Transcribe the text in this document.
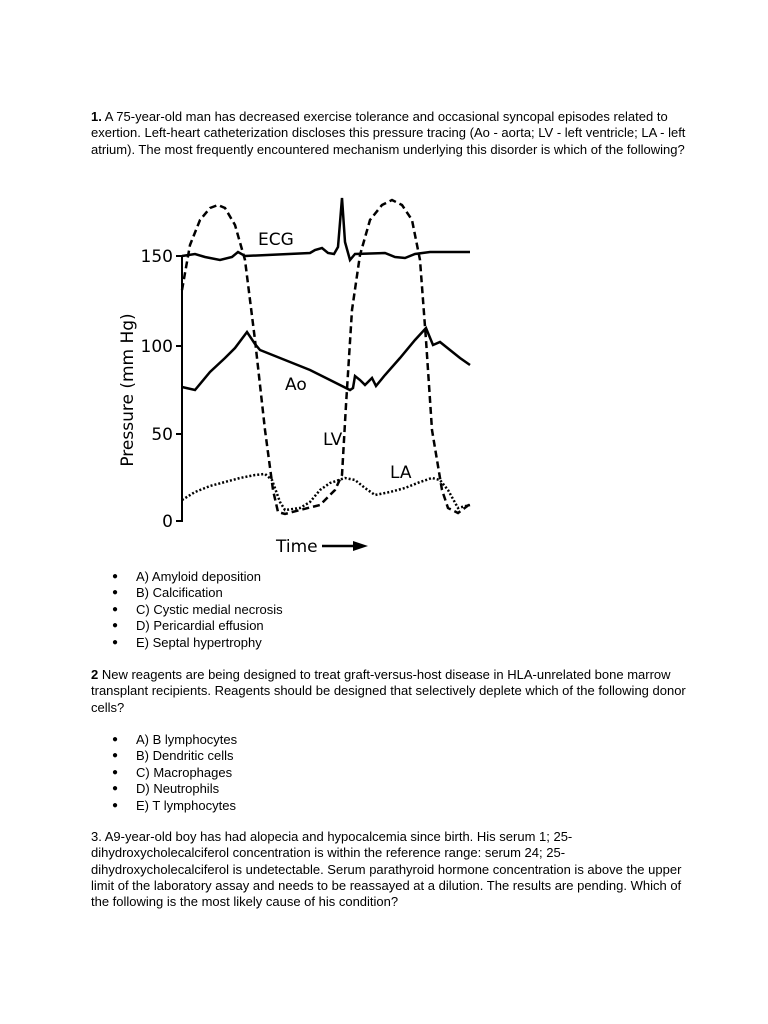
1. A 75-year-old man has decreased exercise tolerance and occasional syncopal episodes related to exertion. Left-heart catheterization discloses this pressure tracing (Ao - aorta; LV - left ventricle; LA - left atrium). The most frequently encountered mechanism underlying this disorder is which of the following?

150
100
50
0
Pressure (mm Hg)
ECG
Ao
LV
LA
Time
● A) Amyloid deposition
● B) Calcification
● C) Cystic medial necrosis
● D) Pericardial effusion
● E) Septal hypertrophy

2 New reagents are being designed to treat graft-versus-host disease in HLA-unrelated bone marrow transplant recipients. Reagents should be designed that selectively deplete which of the following donor cells?

● A) B lymphocytes
● B) Dendritic cells
● C) Macrophages
● D) Neutrophils
● E) T lymphocytes

3. A9-year-old boy has had alopecia and hypocalcemia since birth. His serum 1; 25-dihydroxycholecalciferol concentration is within the reference range: serum 24; 25-dihydroxycholecalciferol is undetectable. Serum parathyroid hormone concentration is above the upper limit of the laboratory assay and needs to be reassayed at a dilution. The results are pending. Which of the following is the most likely cause of his condition?
